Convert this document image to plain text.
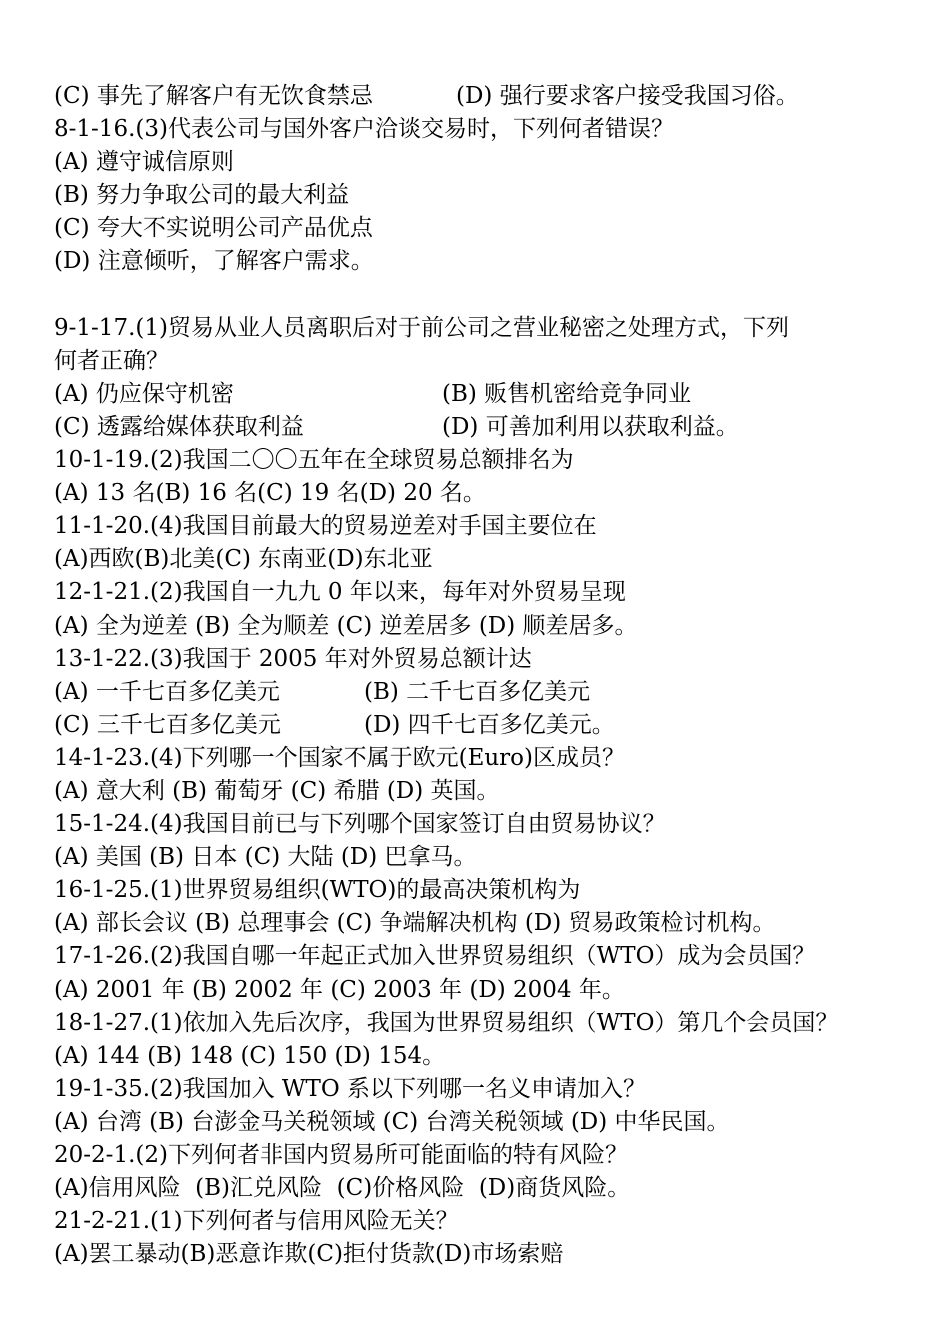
(C) 事先了解客户有无饮食禁忌	(D) 强行要求客户接受我国习俗。
8-1-16.(3)代表公司与国外客户洽谈交易时，下列何者错误？
(A) 遵守诚信原则
(B) 努力争取公司的最大利益
(C) 夸大不实说明公司产品优点
(D) 注意倾听，了解客户需求。
9-1-17.(1)贸易从业人员离职后对于前公司之营业秘密之处理方式，下列
何者正确？
(A) 仍应保守机密	(B) 贩售机密给竞争同业
(C) 透露给媒体获取利益	(D) 可善加利用以获取利益。
10-1-19.(2)我国二〇〇五年在全球贸易总额排名为
(A) 13 名(B) 16 名(C) 19 名(D) 20 名。
11-1-20.(4)我国目前最大的贸易逆差对手国主要位在
(A)西欧(B)北美(C) 东南亚(D)东北亚
12-1-21.(2)我国自一九九 0 年以来，每年对外贸易呈现
(A) 全为逆差 (B) 全为顺差 (C) 逆差居多 (D) 顺差居多。
13-1-22.(3)我国于 2005 年对外贸易总额计达
(A) 一千七百多亿美元	(B) 二千七百多亿美元
(C) 三千七百多亿美元	(D) 四千七百多亿美元。
14-1-23.(4)下列哪一个国家不属于欧元(Euro)区成员？
(A) 意大利 (B) 葡萄牙 (C) 希腊 (D) 英国。
15-1-24.(4)我国目前已与下列哪个国家签订自由贸易协议？
(A) 美国 (B) 日本 (C) 大陆 (D) 巴拿马。
16-1-25.(1)世界贸易组织(WTO)的最高决策机构为
(A) 部长会议 (B) 总理事会 (C) 争端解决机构 (D) 贸易政策检讨机构。
17-1-26.(2)我国自哪一年起正式加入世界贸易组织（WTO）成为会员国？
(A) 2001 年 (B) 2002 年 (C) 2003 年 (D) 2004 年。
18-1-27.(1)依加入先后次序，我国为世界贸易组织（WTO）第几个会员国？
(A) 144 (B) 148 (C) 150 (D) 154。
19-1-35.(2)我国加入 WTO 系以下列哪一名义申请加入？
(A) 台湾 (B) 台澎金马关税领域 (C) 台湾关税领域 (D) 中华民国。
20-2-1.(2)下列何者非国内贸易所可能面临的特有风险？
(A)信用风险  (B)汇兑风险  (C)价格风险  (D)商货风险。
21-2-21.(1)下列何者与信用风险无关？
(A)罢工暴动(B)恶意诈欺(C)拒付货款(D)市场索赔
